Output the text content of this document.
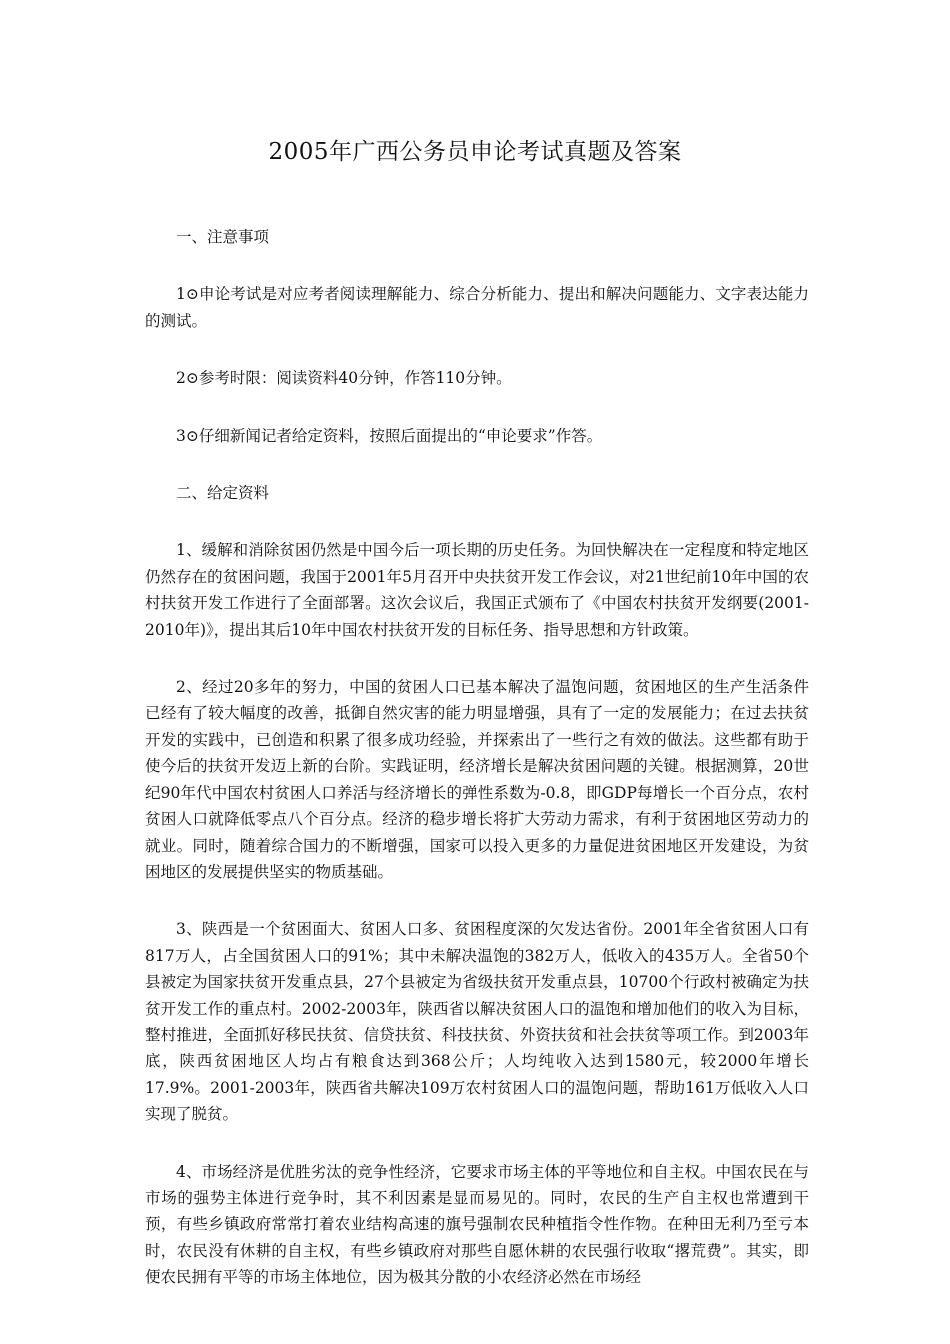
2005年广西公务员申论考试真题及答案

一、注意事项

1⊙申论考试是对应考者阅读理解能力、综合分析能力、提出和解决问题能力、文字表达能力的测试。

2⊙参考时限：阅读资料40分钟，作答110分钟。

3⊙仔细新闻记者给定资料，按照后面提出的“申论要求”作答。

二、给定资料

1、缓解和消除贫困仍然是中国今后一项长期的历史任务。为回快解决在一定程度和特定地区仍然存在的贫困问题，我国于2001年5月召开中央扶贫开发工作会议，对21世纪前10年中国的农村扶贫开发工作进行了全面部署。这次会议后，我国正式颁布了《中国农村扶贫开发纲要(2001-2010年)》，提出其后10年中国农村扶贫开发的目标任务、指导思想和方针政策。

2、经过20多年的努力，中国的贫困人口已基本解决了温饱问题，贫困地区的生产生活条件已经有了较大幅度的改善，抵御自然灾害的能力明显增强，具有了一定的发展能力；在过去扶贫开发的实践中，已创造和积累了很多成功经验，并探索出了一些行之有效的做法。这些都有助于使今后的扶贫开发迈上新的台阶。实践证明，经济增长是解决贫困问题的关键。根据测算，20世纪90年代中国农村贫困人口养活与经济增长的弹性系数为-0.8，即GDP每增长一个百分点，农村贫困人口就降低零点八个百分点。经济的稳步增长将扩大劳动力需求，有利于贫困地区劳动力的就业。同时，随着综合国力的不断增强，国家可以投入更多的力量促进贫困地区开发建设，为贫困地区的发展提供坚实的物质基础。

3、陕西是一个贫困面大、贫困人口多、贫困程度深的欠发达省份。2001年全省贫困人口有817万人，占全国贫困人口的91%；其中未解决温饱的382万人，低收入的435万人。全省50个县被定为国家扶贫开发重点县，27个县被定为省级扶贫开发重点县，10700个行政村被确定为扶贫开发工作的重点村。2002-2003年，陕西省以解决贫困人口的温饱和增加他们的收入为目标，整村推进，全面抓好移民扶贫、信贷扶贫、科技扶贫、外资扶贫和社会扶贫等项工作。到2003年底，陕西贫困地区人均占有粮食达到368公斤；人均纯收入达到1580元，较2000年增长17.9%。2001-2003年，陕西省共解决109万农村贫困人口的温饱问题，帮助161万低收入人口实现了脱贫。

4、市场经济是优胜劣汰的竞争性经济，它要求市场主体的平等地位和自主权。中国农民在与市场的强势主体进行竞争时，其不利因素是显而易见的。同时，农民的生产自主权也常遭到干预，有些乡镇政府常常打着农业结构高速的旗号强制农民种植指令性作物。在种田无利乃至亏本时，农民没有休耕的自主权，有些乡镇政府对那些自愿休耕的农民强行收取“撂荒费”。其实，即便农民拥有平等的市场主体地位，因为极其分散的小农经济必然在市场经
